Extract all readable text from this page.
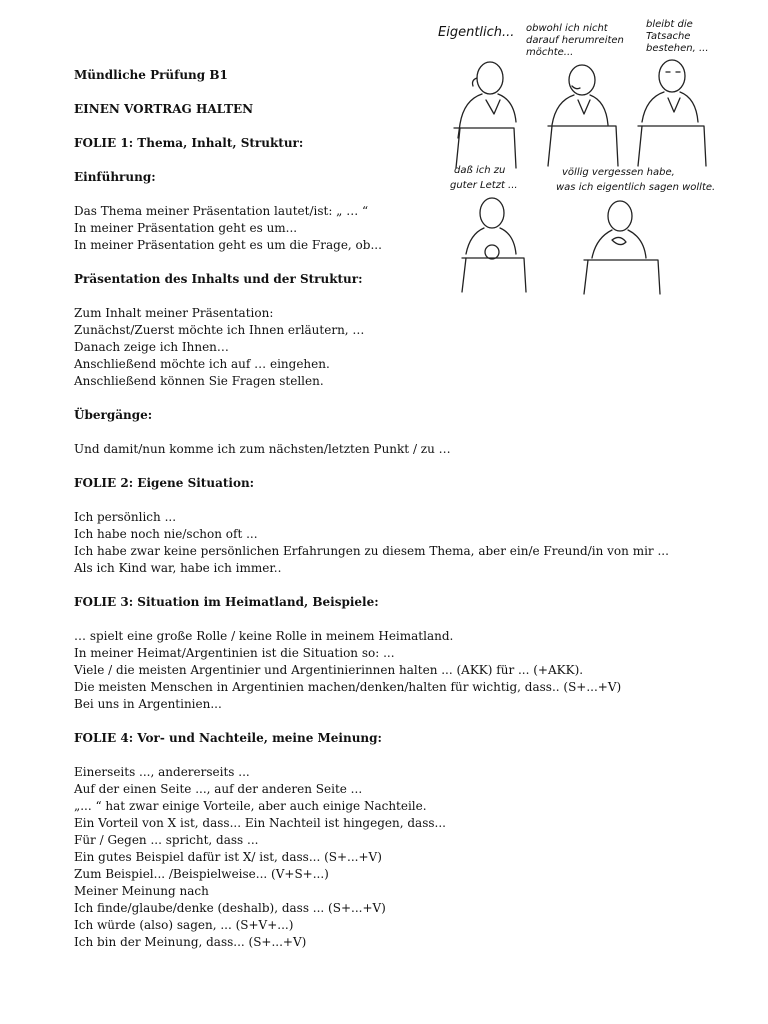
Mündliche Prüfung B1
EINEN VORTRAG HALTEN
FOLIE 1: Thema, Inhalt, Struktur:
Einführung:
Das Thema meiner Präsentation lautet/ist: „ … “
In meiner Präsentation geht es um...
In meiner Präsentation geht es um die Frage, ob...
Präsentation des Inhalts und der Struktur:
Zum Inhalt meiner Präsentation:
Zunächst/Zuerst möchte ich Ihnen erläutern, …
Danach zeige ich Ihnen…
Anschließend möchte ich auf … eingehen.
Anschließend können Sie Fragen stellen.
Übergänge:
Und damit/nun komme ich zum nächsten/letzten Punkt / zu …
FOLIE 2: Eigene Situation:
Ich persönlich ...
Ich habe noch nie/schon oft ...
Ich habe zwar keine persönlichen Erfahrungen zu diesem Thema, aber ein/e Freund/in von mir ...
Als ich Kind war, habe ich immer..
FOLIE 3: Situation im Heimatland, Beispiele:
… spielt eine große Rolle / keine Rolle in meinem Heimatland.
In meiner Heimat/Argentinien ist die Situation so: ...
Viele / die meisten Argentinier und Argentinierinnen halten ... (AKK) für ... (+AKK).
Die meisten Menschen in Argentinien machen/denken/halten für wichtig, dass.. (S+...+V)
Bei uns in Argentinien...
FOLIE 4: Vor- und Nachteile, meine Meinung:
Einerseits ..., andererseits ...
Auf der einen Seite ..., auf der anderen Seite ...
„... “ hat zwar einige Vorteile, aber auch einige Nachteile.
Ein Vorteil von X ist, dass... Ein Nachteil ist hingegen, dass...
Für / Gegen ... spricht, dass ...
Ein gutes Beispiel dafür ist X/ ist, dass... (S+...+V)
Zum Beispiel... /Beispielweise... (V+S+...)
Meiner Meinung nach
Ich finde/glaube/denke (deshalb), dass ... (S+...+V)
Ich würde (also) sagen, ... (S+V+...)
Ich bin der Meinung, dass... (S+...+V)
Eigentlich... obwohl ich nicht
darauf herumreiten
möchte...
bleibt die
Tatsache
bestehen, ...
daß ich zu
guter Letzt ...
völlig vergessen habe,
was ich eigentlich sagen wollte.
